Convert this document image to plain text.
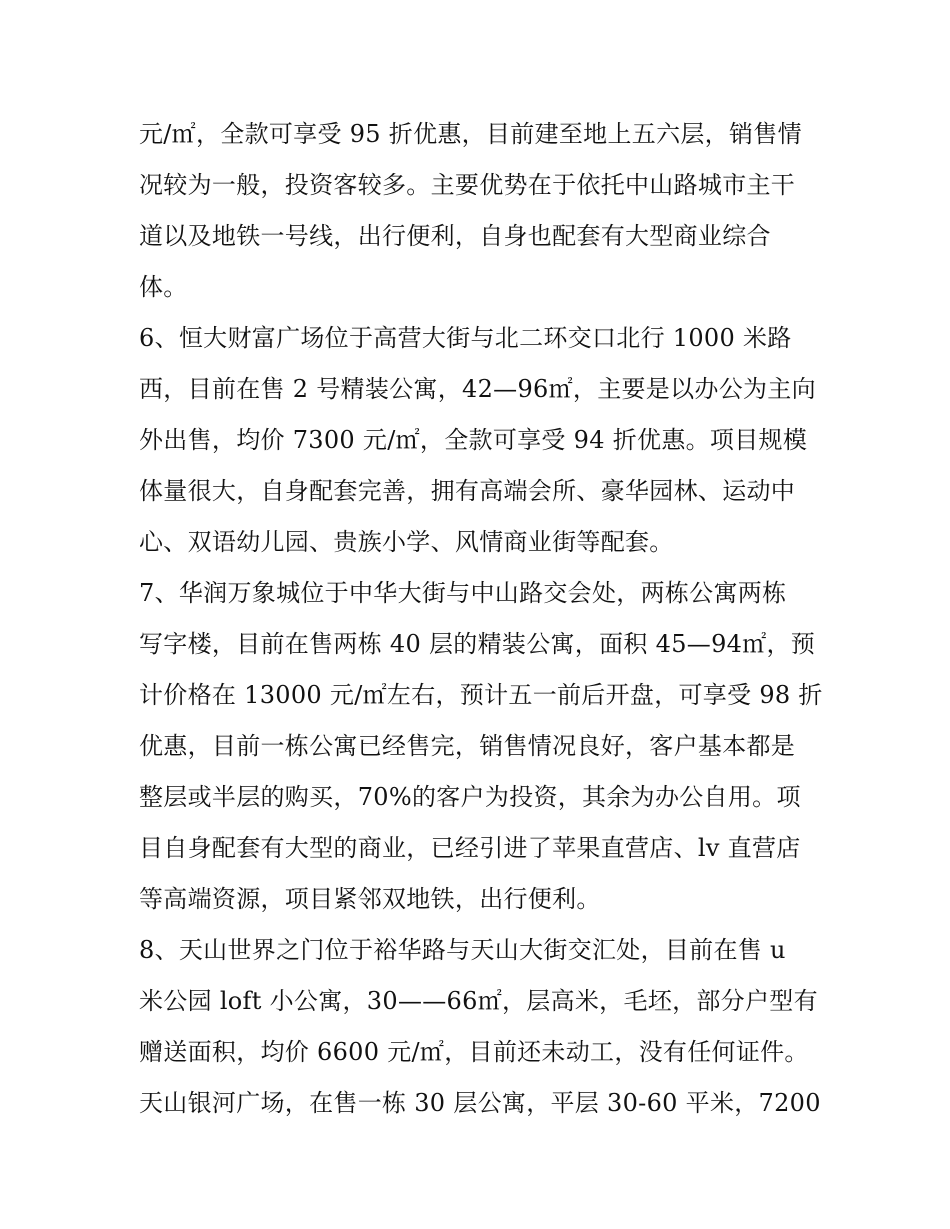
元/㎡，全款可享受 95 折优惠，目前建至地上五六层，销售情
况较为一般，投资客较多。主要优势在于依托中山路城市主干
道以及地铁一号线，出行便利，自身也配套有大型商业综合
体。
6、恒大财富广场位于高营大街与北二环交口北行 1000 米路
西，目前在售 2 号精装公寓，42—96㎡，主要是以办公为主向
外出售，均价 7300 元/㎡，全款可享受 94 折优惠。项目规模
体量很大，自身配套完善，拥有高端会所、豪华园林、运动中
心、双语幼儿园、贵族小学、风情商业街等配套。
7、华润万象城位于中华大街与中山路交会处，两栋公寓两栋
写字楼，目前在售两栋 40 层的精装公寓，面积 45—94㎡，预
计价格在 13000 元/㎡左右，预计五一前后开盘，可享受 98 折
优惠，目前一栋公寓已经售完，销售情况良好，客户基本都是
整层或半层的购买，70%的客户为投资，其余为办公自用。项
目自身配套有大型的商业，已经引进了苹果直营店、lv 直营店
等高端资源，项目紧邻双地铁，出行便利。
8、天山世界之门位于裕华路与天山大街交汇处，目前在售 u
米公园 loft 小公寓，30——66㎡，层高米，毛坯，部分户型有
赠送面积，均价 6600 元/㎡，目前还未动工，没有任何证件。
天山银河广场，在售一栋 30 层公寓，平层 30-60 平米，7200
